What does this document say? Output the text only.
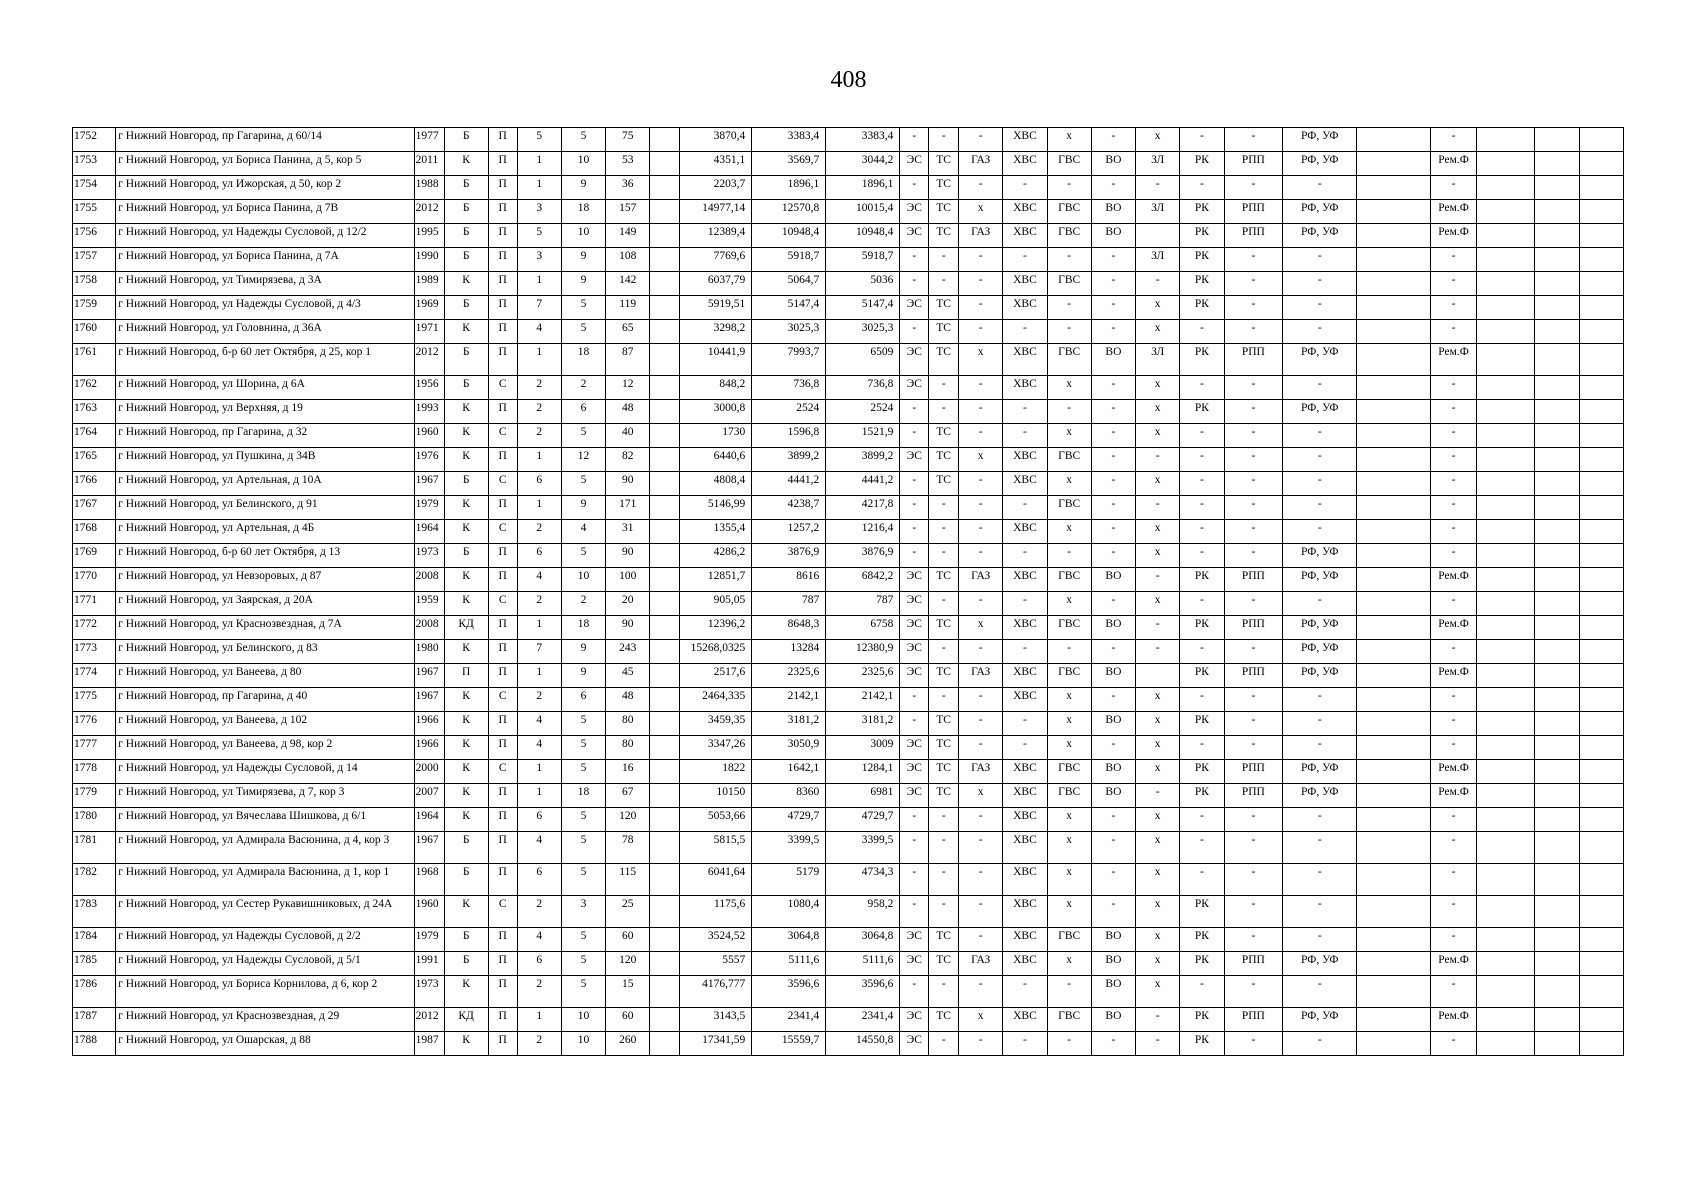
408
1752	г Нижний Новгород, пр Гагарина, д 60/14	1977	Б	П	5	5	75		3870,4	3383,4	3383,4	-	-	-	ХВС	х	-	х	-	-	РФ, УФ		-			
1753	г Нижний Новгород, ул Бориса Панина, д 5, кор 5	2011	К	П	1	10	53		4351,1	3569,7	3044,2	ЭС	ТС	ГАЗ	ХВС	ГВС	ВО	ЗЛ	РК	РПП	РФ, УФ		Рем.Ф			
1754	г Нижний Новгород, ул Ижорская, д 50, кор 2	1988	Б	П	1	9	36		2203,7	1896,1	1896,1	-	ТС	-	-	-	-	-	-	-	-		-			
1755	г Нижний Новгород, ул Бориса Панина, д 7В	2012	Б	П	3	18	157		14977,14	12570,8	10015,4	ЭС	ТС	х	ХВС	ГВС	ВО	ЗЛ	РК	РПП	РФ, УФ		Рем.Ф			
1756	г Нижний Новгород, ул Надежды Сусловой, д 12/2	1995	Б	П	5	10	149		12389,4	10948,4	10948,4	ЭС	ТС	ГАЗ	ХВС	ГВС	ВО		РК	РПП	РФ, УФ		Рем.Ф			
1757	г Нижний Новгород, ул Бориса Панина, д 7А	1990	Б	П	3	9	108		7769,6	5918,7	5918,7	-	-	-	-	-	-	ЗЛ	РК	-	-		-			
1758	г Нижний Новгород, ул Тимирязева, д 3А	1989	К	П	1	9	142		6037,79	5064,7	5036	-	-	-	ХВС	ГВС	-	-	РК	-	-		-			
1759	г Нижний Новгород, ул Надежды Сусловой, д 4/3	1969	Б	П	7	5	119		5919,51	5147,4	5147,4	ЭС	ТС	-	ХВС	-	-	х	РК	-	-		-			
1760	г Нижний Новгород, ул Головнина, д 36А	1971	К	П	4	5	65		3298,2	3025,3	3025,3	-	ТС	-	-	-	-	х	-	-	-		-			
1761	г Нижний Новгород, б-р 60 лет Октября, д 25, кор 1	2012	Б	П	1	18	87		10441,9	7993,7	6509	ЭС	ТС	х	ХВС	ГВС	ВО	ЗЛ	РК	РПП	РФ, УФ		Рем.Ф			
1762	г Нижний Новгород, ул Шорина, д 6А	1956	Б	С	2	2	12		848,2	736,8	736,8	ЭС	-	-	ХВС	х	-	х	-	-	-		-			
1763	г Нижний Новгород, ул Верхняя, д 19	1993	К	П	2	6	48		3000,8	2524	2524	-	-	-	-	-	-	х	РК	-	РФ, УФ		-			
1764	г Нижний Новгород, пр Гагарина, д 32	1960	К	С	2	5	40		1730	1596,8	1521,9	-	ТС	-	-	х	-	х	-	-	-		-			
1765	г Нижний Новгород, ул Пушкина, д 34В	1976	К	П	1	12	82		6440,6	3899,2	3899,2	ЭС	ТС	х	ХВС	ГВС	-	-	-	-	-		-			
1766	г Нижний Новгород, ул Артельная, д 10А	1967	Б	С	6	5	90		4808,4	4441,2	4441,2	-	ТС	-	ХВС	х	-	х	-	-	-		-			
1767	г Нижний Новгород, ул Белинского, д 91	1979	К	П	1	9	171		5146,99	4238,7	4217,8	-	-	-	-	ГВС	-	-	-	-	-		-			
1768	г Нижний Новгород, ул Артельная, д 4Б	1964	К	С	2	4	31		1355,4	1257,2	1216,4	-	-	-	ХВС	х	-	х	-	-	-		-			
1769	г Нижний Новгород, б-р 60 лет Октября, д 13	1973	Б	П	6	5	90		4286,2	3876,9	3876,9	-	-	-	-	-	-	х	-	-	РФ, УФ		-			
1770	г Нижний Новгород, ул Невзоровых, д 87	2008	К	П	4	10	100		12851,7	8616	6842,2	ЭС	ТС	ГАЗ	ХВС	ГВС	ВО	-	РК	РПП	РФ, УФ		Рем.Ф			
1771	г Нижний Новгород, ул Заярская, д 20А	1959	К	С	2	2	20		905,05	787	787	ЭС	-	-	-	х	-	х	-	-	-		-			
1772	г Нижний Новгород, ул Краснозвездная, д 7А	2008	КД	П	1	18	90		12396,2	8648,3	6758	ЭС	ТС	х	ХВС	ГВС	ВО	-	РК	РПП	РФ, УФ		Рем.Ф			
1773	г Нижний Новгород, ул Белинского, д 83	1980	К	П	7	9	243		15268,0325	13284	12380,9	ЭС	-	-	-	-	-	-	-	-	РФ, УФ		-			
1774	г Нижний Новгород, ул Ванеева, д 80	1967	П	П	1	9	45		2517,6	2325,6	2325,6	ЭС	ТС	ГАЗ	ХВС	ГВС	ВО		РК	РПП	РФ, УФ		Рем.Ф			
1775	г Нижний Новгород, пр Гагарина, д 40	1967	К	С	2	6	48		2464,335	2142,1	2142,1	-	-	-	ХВС	х	-	х	-	-	-		-			
1776	г Нижний Новгород, ул Ванеева, д 102	1966	К	П	4	5	80		3459,35	3181,2	3181,2	-	ТС	-	-	х	ВО	х	РК	-	-		-			
1777	г Нижний Новгород, ул Ванеева, д 98, кор 2	1966	К	П	4	5	80		3347,26	3050,9	3009	ЭС	ТС	-	-	х	-	х	-	-	-		-			
1778	г Нижний Новгород, ул Надежды Сусловой, д 14	2000	К	С	1	5	16		1822	1642,1	1284,1	ЭС	ТС	ГАЗ	ХВС	ГВС	ВО	х	РК	РПП	РФ, УФ		Рем.Ф			
1779	г Нижний Новгород, ул Тимирязева, д 7, кор 3	2007	К	П	1	18	67		10150	8360	6981	ЭС	ТС	х	ХВС	ГВС	ВО	-	РК	РПП	РФ, УФ		Рем.Ф			
1780	г Нижний Новгород, ул Вячеслава Шишкова, д 6/1	1964	К	П	6	5	120		5053,66	4729,7	4729,7	-	-	-	ХВС	х	-	х	-	-	-		-			
1781	г Нижний Новгород, ул Адмирала Васюнина, д 4, кор 3	1967	Б	П	4	5	78		5815,5	3399,5	3399,5	-	-	-	ХВС	х	-	х	-	-	-		-			
1782	г Нижний Новгород, ул Адмирала Васюнина, д 1, кор 1	1968	Б	П	6	5	115		6041,64	5179	4734,3	-	-	-	ХВС	х	-	х	-	-	-		-			
1783	г Нижний Новгород, ул Сестер Рукавишниковых, д 24А	1960	К	С	2	3	25		1175,6	1080,4	958,2	-	-	-	ХВС	х	-	х	РК	-	-		-			
1784	г Нижний Новгород, ул Надежды Сусловой, д 2/2	1979	Б	П	4	5	60		3524,52	3064,8	3064,8	ЭС	ТС	-	ХВС	ГВС	ВО	х	РК	-	-		-			
1785	г Нижний Новгород, ул Надежды Сусловой, д 5/1	1991	Б	П	6	5	120		5557	5111,6	5111,6	ЭС	ТС	ГАЗ	ХВС	х	ВО	х	РК	РПП	РФ, УФ		Рем.Ф			
1786	г Нижний Новгород, ул Бориса Корнилова, д 6, кор 2	1973	К	П	2	5	15		4176,777	3596,6	3596,6	-	-	-	-	-	ВО	х	-	-	-		-			
1787	г Нижний Новгород, ул Краснозвездная, д 29	2012	КД	П	1	10	60		3143,5	2341,4	2341,4	ЭС	ТС	х	ХВС	ГВС	ВО	-	РК	РПП	РФ, УФ		Рем.Ф			
1788	г Нижний Новгород, ул Ошарская, д 88	1987	К	П	2	10	260		17341,59	15559,7	14550,8	ЭС	-	-	-	-	-	-	РК	-	-		-			
